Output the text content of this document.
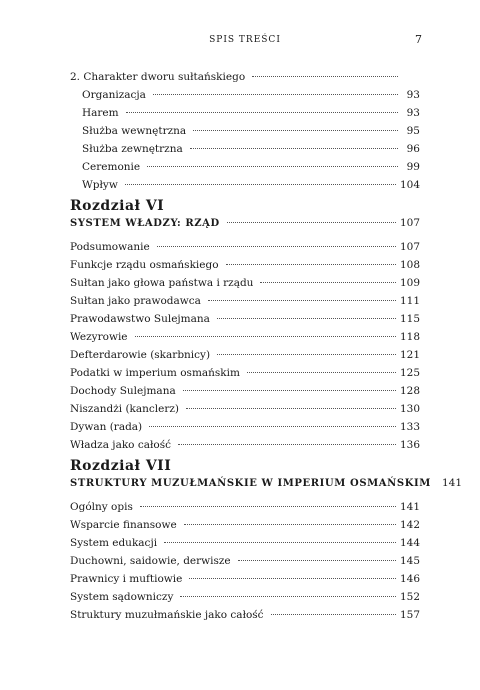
SPIS TREŚCI	7
2. Charakter dworu sułtańskiego
Organizacja	93
Harem	93
Służba wewnętrzna	95
Służba zewnętrzna	96
Ceremonie	99
Wpływ	104
Rozdział VI
SYSTEM WŁADZY: RZĄD	107
Podsumowanie	107
Funkcje rządu osmańskiego	108
Sułtan jako głowa państwa i rządu	109
Sułtan jako prawodawca	111
Prawodawstwo Sulejmana	115
Wezyrowie	118
Defterdarowie (skarbnicy)	121
Podatki w imperium osmańskim	125
Dochody Sulejmana	128
Niszandżi (kanclerz)	130
Dywan (rada)	133
Władza jako całość	136
Rozdział VII
STRUKTURY MUZUŁMAŃSKIE W IMPERIUM OSMAŃSKIM 141
Ogólny opis	141
Wsparcie finansowe	142
System edukacji	144
Duchowni, saidowie, derwisze	145
Prawnicy i muftiowie	146
System sądowniczy	152
Struktury muzułmańskie jako całość	157
